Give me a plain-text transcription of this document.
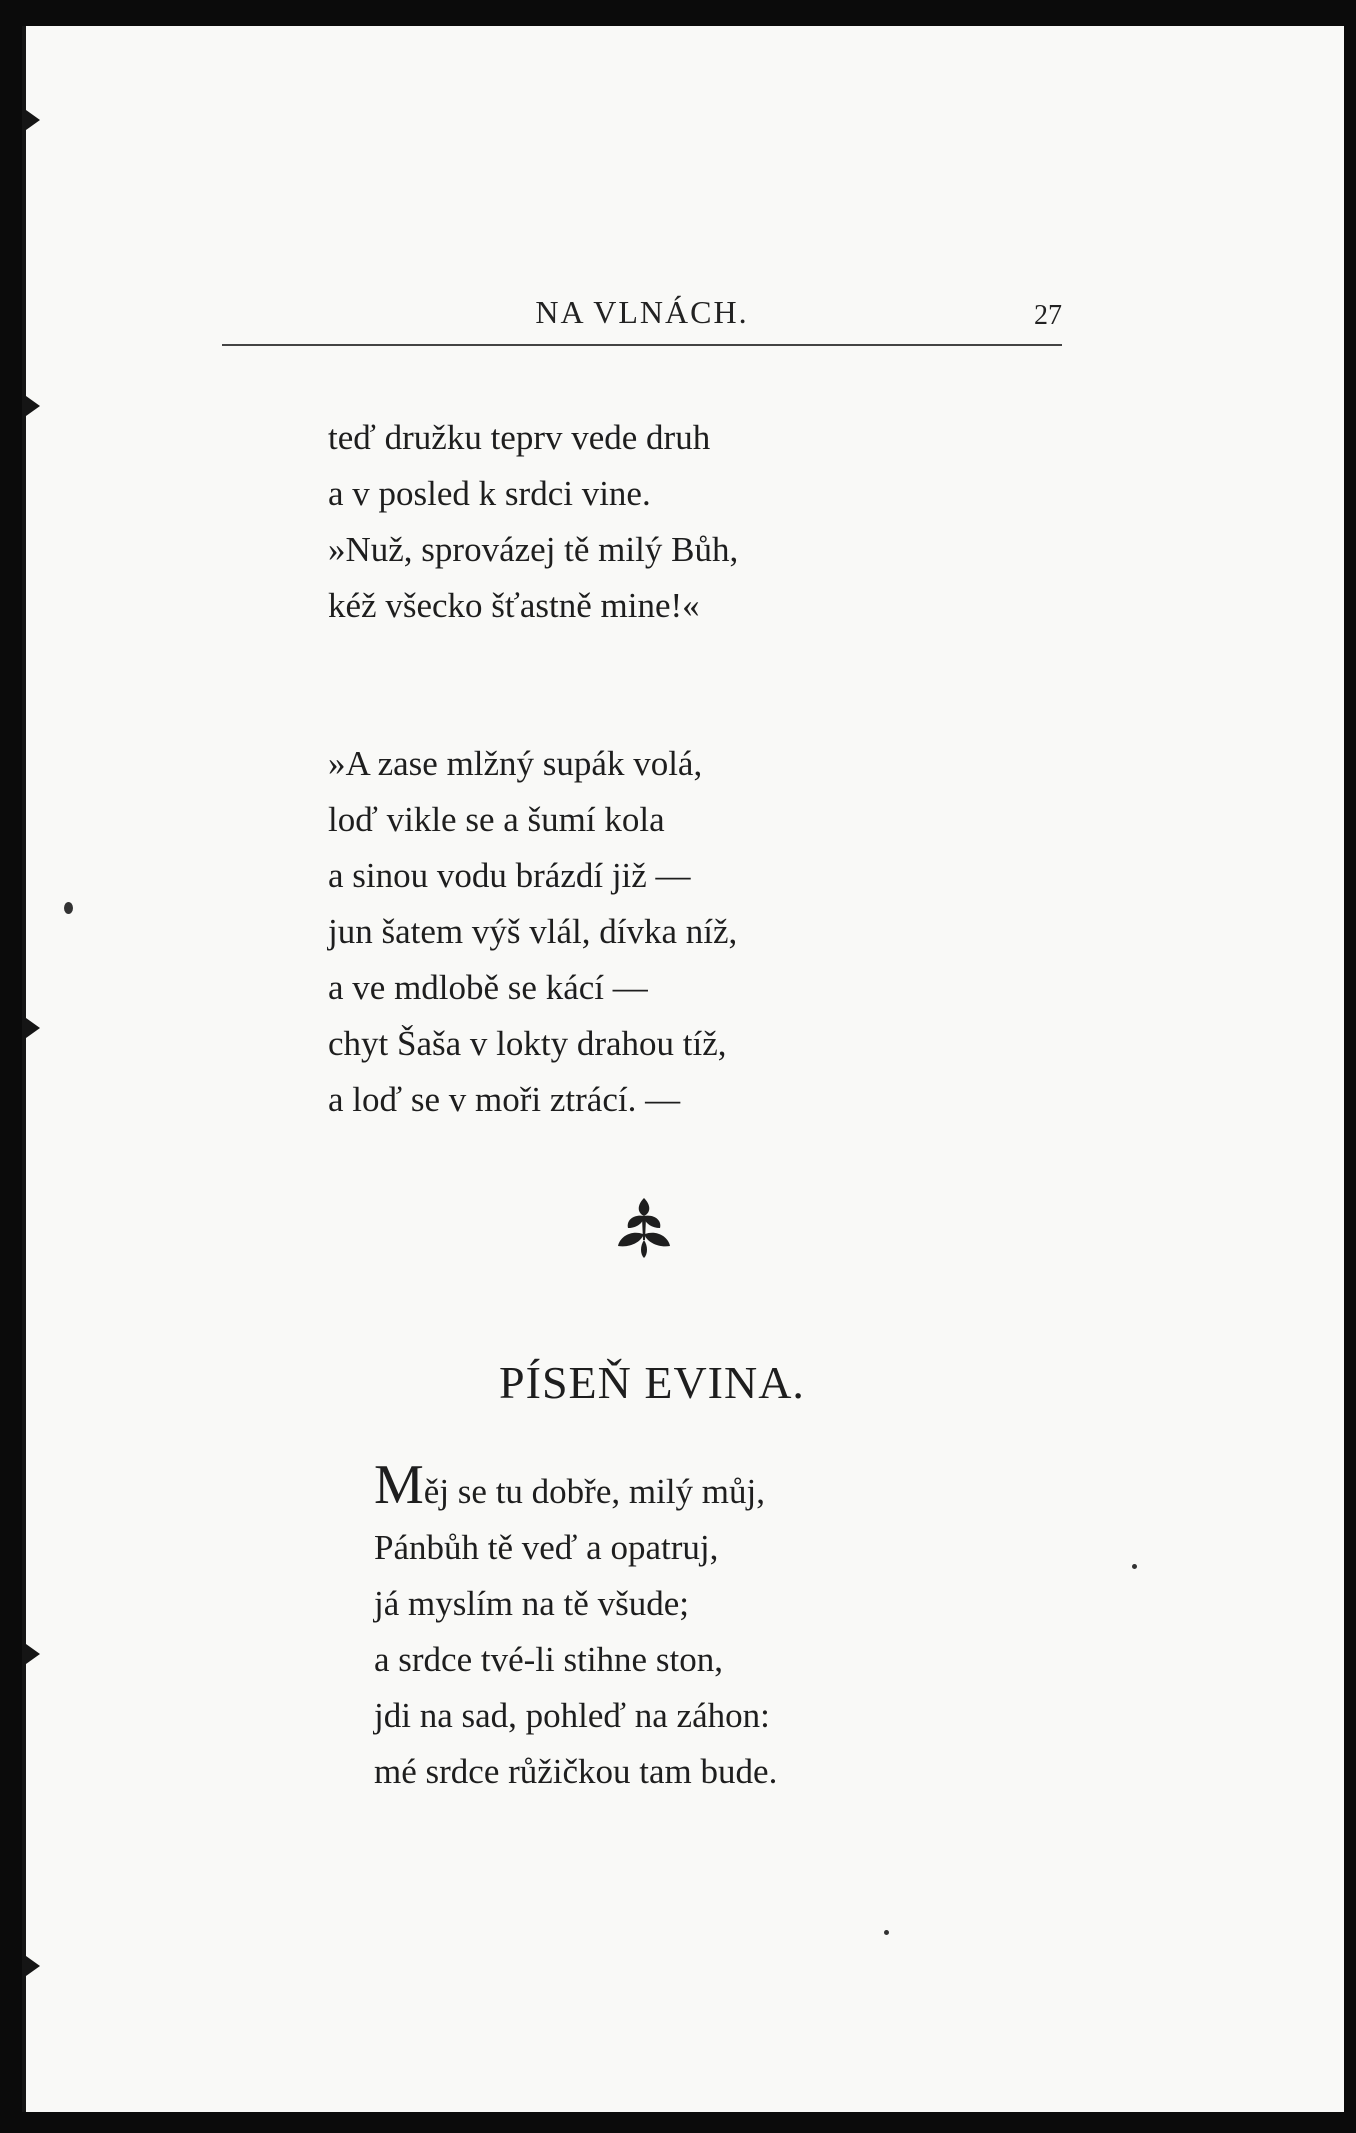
NA VLNÁCH.	27
teď družku teprv vede druh
a v posled k srdci vine.
»Nuž, sprovázej tě milý Bůh,
kéž všecko šťastně mine!«
»A zase mlžný supák volá,
loď vikle se a šumí kola
a sinou vodu brázdí již —
jun šatem výš vlál, dívka níž,
a ve mdlobě se kácí —
chyt Šaša v lokty drahou tíž,
a loď se v moři ztrácí. —
PÍSEŇ EVINA.
Měj se tu dobře, milý můj,
Pánbůh tě veď a opatruj,
já myslím na tě všude;
a srdce tvé-li stihne ston,
jdi na sad, pohleď na záhon:
mé srdce růžičkou tam bude.
